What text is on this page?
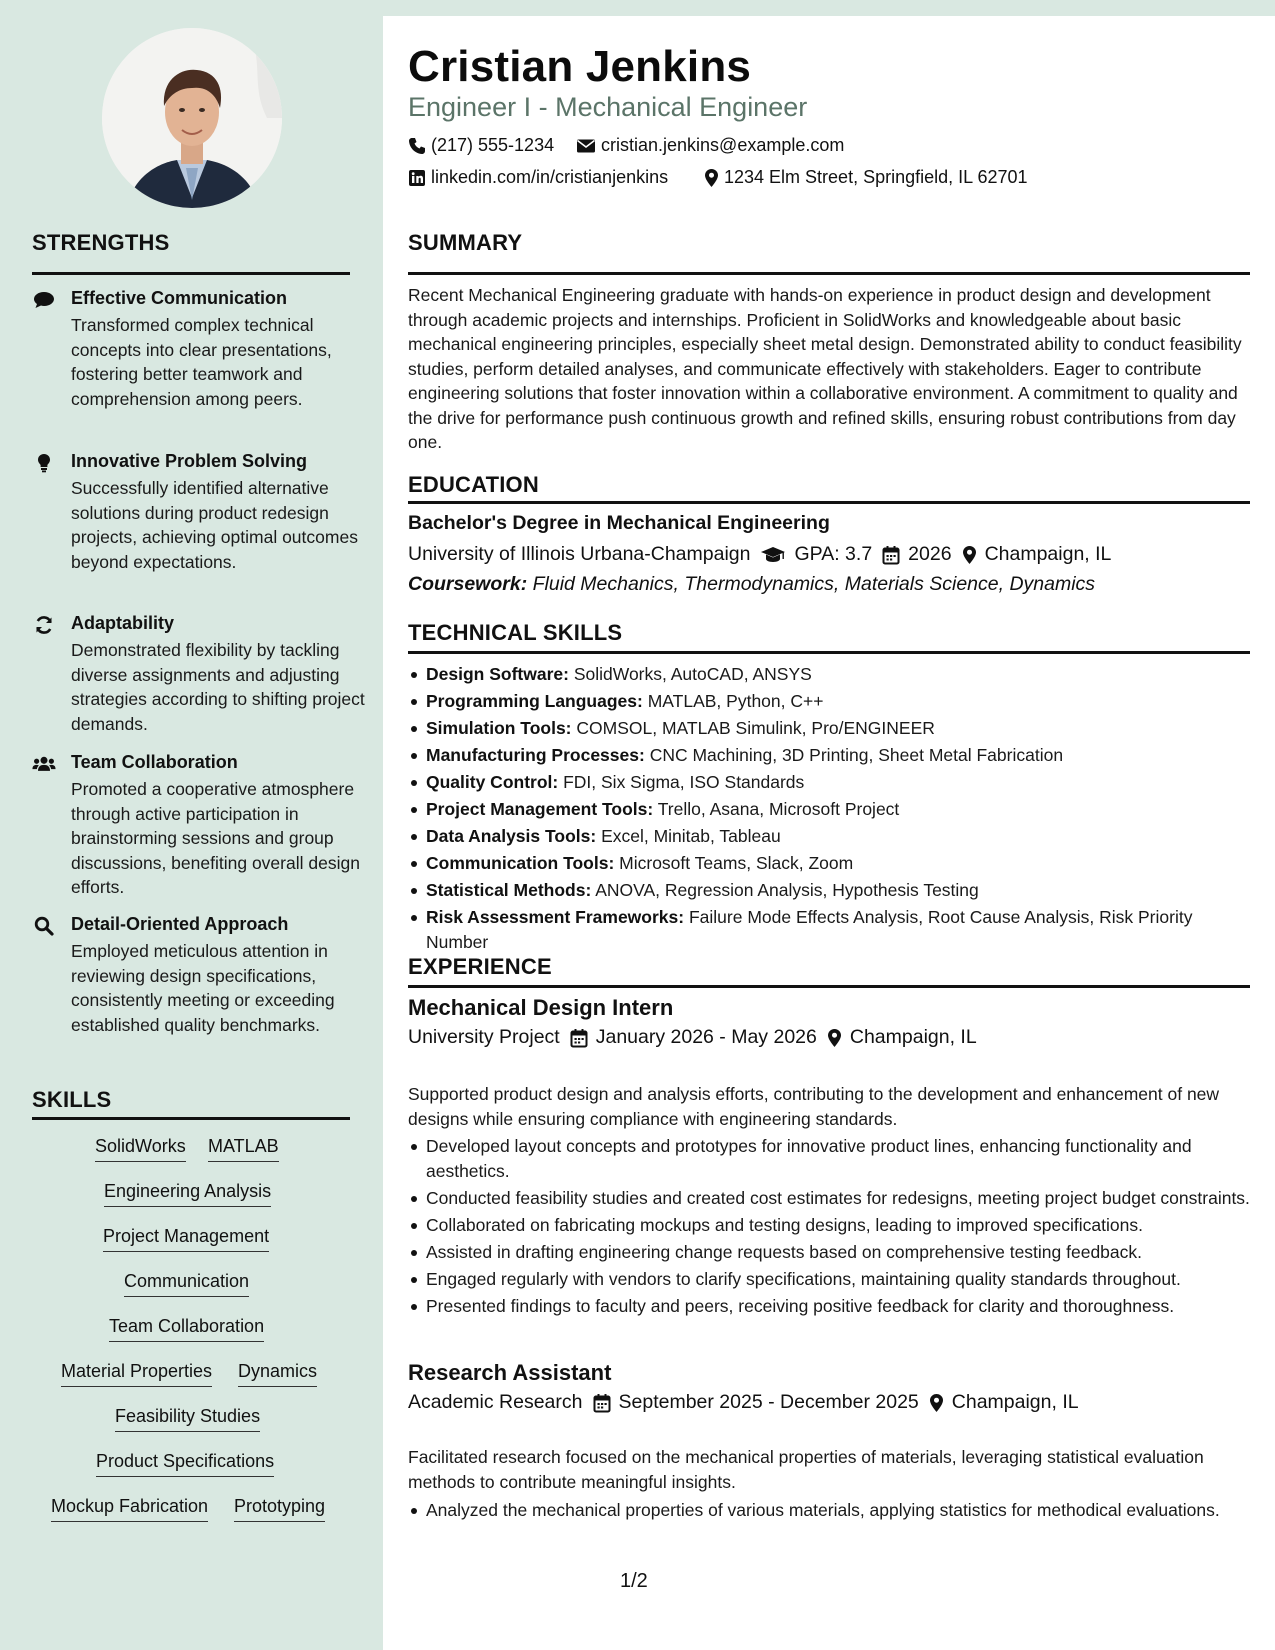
STRENGTHS
Effective Communication
Transformed complex technical concepts into clear presentations, fostering better teamwork and comprehension among peers.
Innovative Problem Solving
Successfully identified alternative solutions during product redesign projects, achieving optimal outcomes beyond expectations.
Adaptability
Demonstrated flexibility by tackling diverse assignments and adjusting strategies according to shifting project demands.
Team Collaboration
Promoted a cooperative atmosphere through active participation in brainstorming sessions and group discussions, benefiting overall design efforts.
Detail-Oriented Approach
Employed meticulous attention in reviewing design specifications, consistently meeting or exceeding established quality benchmarks.
SKILLS
SolidWorks MATLAB
Engineering Analysis
Project Management
Communication
Team Collaboration
Material Properties Dynamics
Feasibility Studies
Product Specifications
Mockup Fabrication Prototyping
Cristian Jenkins
Engineer I - Mechanical Engineer
(217) 555-1234	cristian.jenkins@example.com
linkedin.com/in/cristianjenkins	1234 Elm Street, Springfield, IL 62701
SUMMARY
Recent Mechanical Engineering graduate with hands-on experience in product design and development through academic projects and internships. Proficient in SolidWorks and knowledgeable about basic mechanical engineering principles, especially sheet metal design. Demonstrated ability to conduct feasibility studies, perform detailed analyses, and communicate effectively with stakeholders. Eager to contribute engineering solutions that foster innovation within a collaborative environment. A commitment to quality and the drive for performance push continuous growth and refined skills, ensuring robust contributions from day one.
EDUCATION
Bachelor's Degree in Mechanical Engineering
University of Illinois Urbana-Champaign GPA: 3.7 2026 Champaign, IL
Coursework: Fluid Mechanics, Thermodynamics, Materials Science, Dynamics
TECHNICAL SKILLS
Design Software: SolidWorks, AutoCAD, ANSYS
Programming Languages: MATLAB, Python, C++
Simulation Tools: COMSOL, MATLAB Simulink, Pro/ENGINEER
Manufacturing Processes: CNC Machining, 3D Printing, Sheet Metal Fabrication
Quality Control: FDI, Six Sigma, ISO Standards
Project Management Tools: Trello, Asana, Microsoft Project
Data Analysis Tools: Excel, Minitab, Tableau
Communication Tools: Microsoft Teams, Slack, Zoom
Statistical Methods: ANOVA, Regression Analysis, Hypothesis Testing
Risk Assessment Frameworks: Failure Mode Effects Analysis, Root Cause Analysis, Risk Priority Number
EXPERIENCE
Mechanical Design Intern
University Project January 2026 - May 2026 Champaign, IL
Supported product design and analysis efforts, contributing to the development and enhancement of new designs while ensuring compliance with engineering standards.
Developed layout concepts and prototypes for innovative product lines, enhancing functionality and aesthetics.
Conducted feasibility studies and created cost estimates for redesigns, meeting project budget constraints.
Collaborated on fabricating mockups and testing designs, leading to improved specifications.
Assisted in drafting engineering change requests based on comprehensive testing feedback.
Engaged regularly with vendors to clarify specifications, maintaining quality standards throughout.
Presented findings to faculty and peers, receiving positive feedback for clarity and thoroughness.
Research Assistant
Academic Research September 2025 - December 2025 Champaign, IL
Facilitated research focused on the mechanical properties of materials, leveraging statistical evaluation methods to contribute meaningful insights.
Analyzed the mechanical properties of various materials, applying statistics for methodical evaluations.
1/2
